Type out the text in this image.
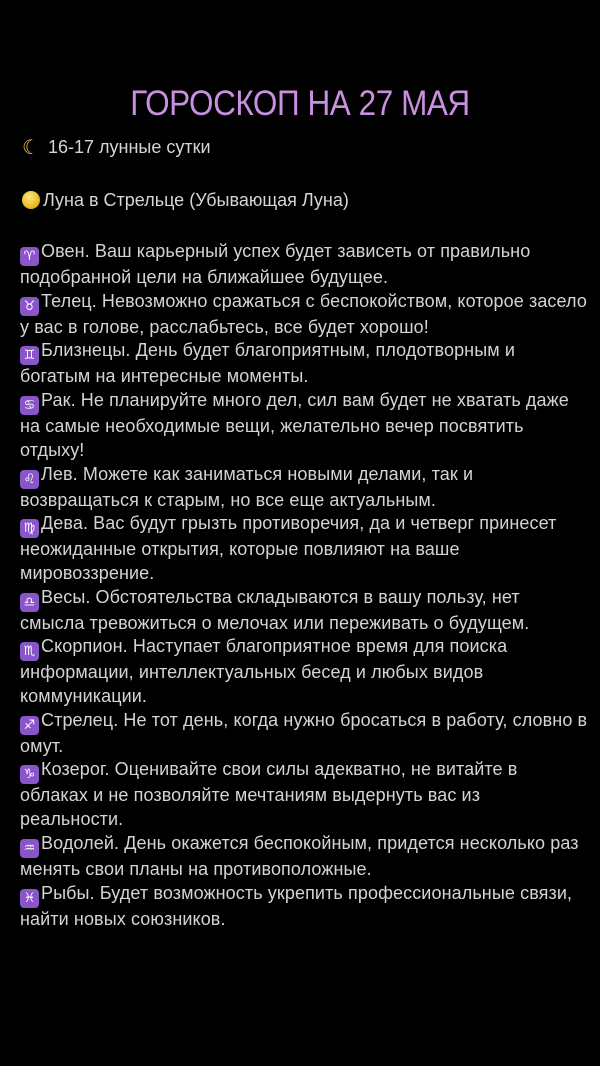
ГОРОСКОП НА 27 МАЯ
☾ 16-17 лунные сутки
Луна в Стрельце (Убывающая Луна)
♈ Овен. Ваш карьерный успех будет зависеть от правильно подобранной цели на ближайшее будущее.
♉ Телец. Невозможно сражаться с беспокойством, которое засело у вас в голове, расслабьтесь, все будет хорошо!
♊ Близнецы. День будет благоприятным, плодотворным и богатым на интересные моменты.
♋ Рак. Не планируйте много дел, сил вам будет не хватать даже на самые необходимые вещи, желательно вечер посвятить отдыху!
♌ Лев. Можете как заниматься новыми делами, так и возвращаться к старым, но все еще актуальным.
♍ Дева. Вас будут грызть противоречия, да и четверг принесет неожиданные открытия, которые повлияют на ваше мировоззрение.
♎ Весы. Обстоятельства складываются в вашу пользу, нет смысла тревожиться о мелочах или переживать о будущем.
♏ Скорпион. Наступает благоприятное время для поиска информации, интеллектуальных бесед и любых видов коммуникации.
♐ Стрелец. Не тот день, когда нужно бросаться в работу, словно в омут.
♑ Козерог. Оценивайте свои силы адекватно, не витайте в облаках и не позволяйте мечтаниям выдернуть вас из реальности.
♒ Водолей. День окажется беспокойным, придется несколько раз менять свои планы на противоположные.
♓ Рыбы. Будет возможность укрепить профессиональные связи, найти новых союзников.
